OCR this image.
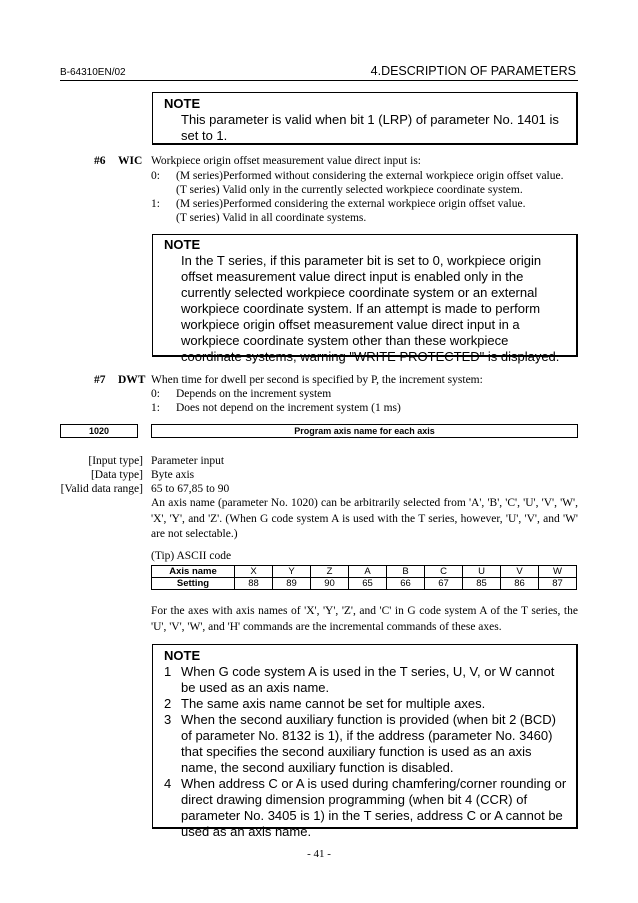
B-64310EN/02	4.DESCRIPTION OF PARAMETERS
NOTE
This parameter is valid when bit 1 (LRP) of parameter No. 1401 is
set to 1.
#6 WIC Workpiece origin offset measurement value direct input is:
0: (M series)Performed without considering the external workpiece origin offset value.
(T series) Valid only in the currently selected workpiece coordinate system.
1: (M series)Performed considering the external workpiece origin offset value.
(T series) Valid in all coordinate systems.
NOTE
In the T series, if this parameter bit is set to 0, workpiece origin
offset measurement value direct input is enabled only in the
currently selected workpiece coordinate system or an external
workpiece coordinate system. If an attempt is made to perform
workpiece origin offset measurement value direct input in a
workpiece coordinate system other than these workpiece
coordinate systems, warning "WRITE PROTECTED" is displayed.
#7 DWT When time for dwell per second is specified by P, the increment system:
0: Depends on the increment system
1: Does not depend on the increment system (1 ms)
1020	Program axis name for each axis
[Input type] Parameter input
[Data type] Byte axis
[Valid data range] 65 to 67,85 to 90
An axis name (parameter No. 1020) can be arbitrarily selected from 'A', 'B', 'C', 'U', 'V', 'W', 'X', 'Y', and 'Z'. (When G code system A is used with the T series, however, 'U', 'V', and 'W' are not selectable.)
(Tip) ASCII code
Axis name	X	Y	Z	A	B	C	U	V	W
Setting	88	89	90	65	66	67	85	86	87
For the axes with axis names of 'X', 'Y', 'Z', and 'C' in G code system A of the T series, the 'U', 'V', 'W', and 'H' commands are the incremental commands of these axes.
NOTE
1 When G code system A is used in the T series, U, V, or W cannot be used as an axis name.
2 The same axis name cannot be set for multiple axes.
3 When the second auxiliary function is provided (when bit 2 (BCD) of parameter No. 8132 is 1), if the address (parameter No. 3460) that specifies the second auxiliary function is used as an axis name, the second auxiliary function is disabled.
4 When address C or A is used during chamfering/corner rounding or direct drawing dimension programming (when bit 4 (CCR) of parameter No. 3405 is 1) in the T series, address C or A cannot be used as an axis name.
- 41 -
